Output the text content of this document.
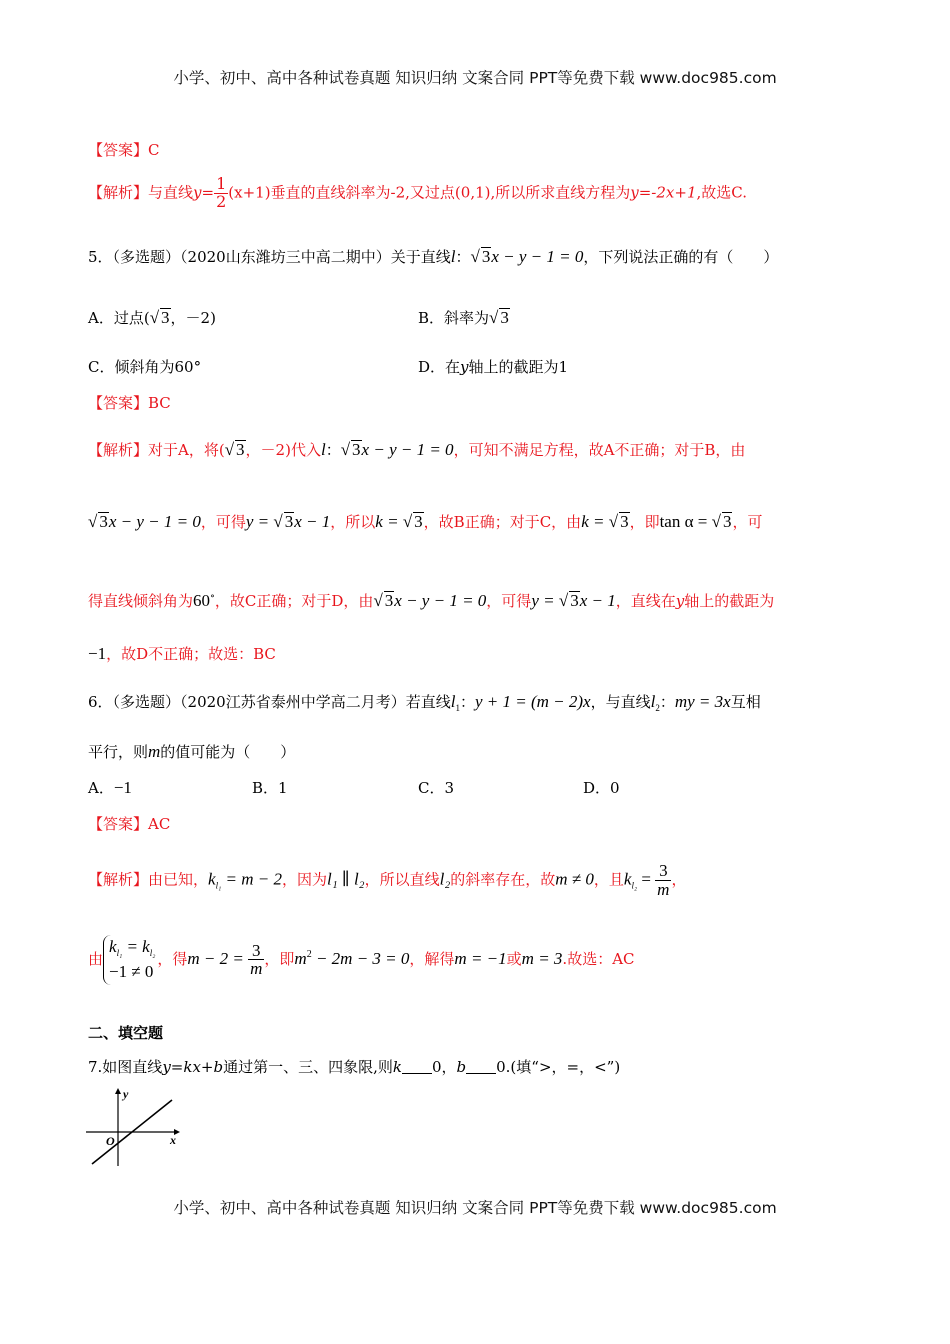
小学、初中、高中各种试卷真题 知识归纳 文案合同 PPT等免费下载 www.doc985.com
【答案】C
【解析】与直线$y= \frac{1}{2} (x+1)$垂直的直线斜率为-2,又过点(0,1),所以所求直线方程为y=-2x+1,故选C.
5．（多选题）（2020山东潍坊三中高二期中）关于直线l：√ 3x − y − 1 = 0，下列说法正确的有（　　）
A．过点(√ 3，－2)	B．斜率为√ 3
C．倾斜角为60°	D．在y轴上的截距为1
【答案】BC
【解析】对于A，将(√ 3，－2)代入l：√ 3x − y − 1 = 0，可知不满足方程，故A不正确；对于B，由
√ 3x − y − 1 = 0，可得y = √ 3x − 1，所以k = √ 3，故B正确；对于C，由k = √ 3，即tan α = √ 3，可
得直线倾斜角为60∘，故C正确；对于D，由√ 3x − y − 1 = 0，可得y = √ 3x − 1，直线在y轴上的截距为
−1，故D不正确；故选：BC
6．（多选题）（2020江苏省泰州中学高二月考）若直线$l_1$：y + 1 = (m − 2)x，与直线$l_2$：my = 3x互相
平行，则m的值可能为（　　）
A．−1	B．1	C．3	D．0
【答案】AC
【解析】由已知，$k_{l_1} = m - 2$，因为l₁ ∥ l₂，所以直线l₂的斜率存在，故m ≠ 0，且$k_{l_2} = \frac{3}{m}$ ，
由$k_{l_1} = k_{l_2}$
−1 ≠ 0，得$m - 2 = \frac{3}{m}$ ，即$m^2 - 2m - 3 = 0$，解得m = −1或m = 3.故选：AC
二、填空题
7.如图直线y=kx+b通过第一、三、四象限,则k 0，b 0.(填“>，=，<”)
y
x
O
小学、初中、高中各种试卷真题 知识归纳 文案合同 PPT等免费下载 www.doc985.com
